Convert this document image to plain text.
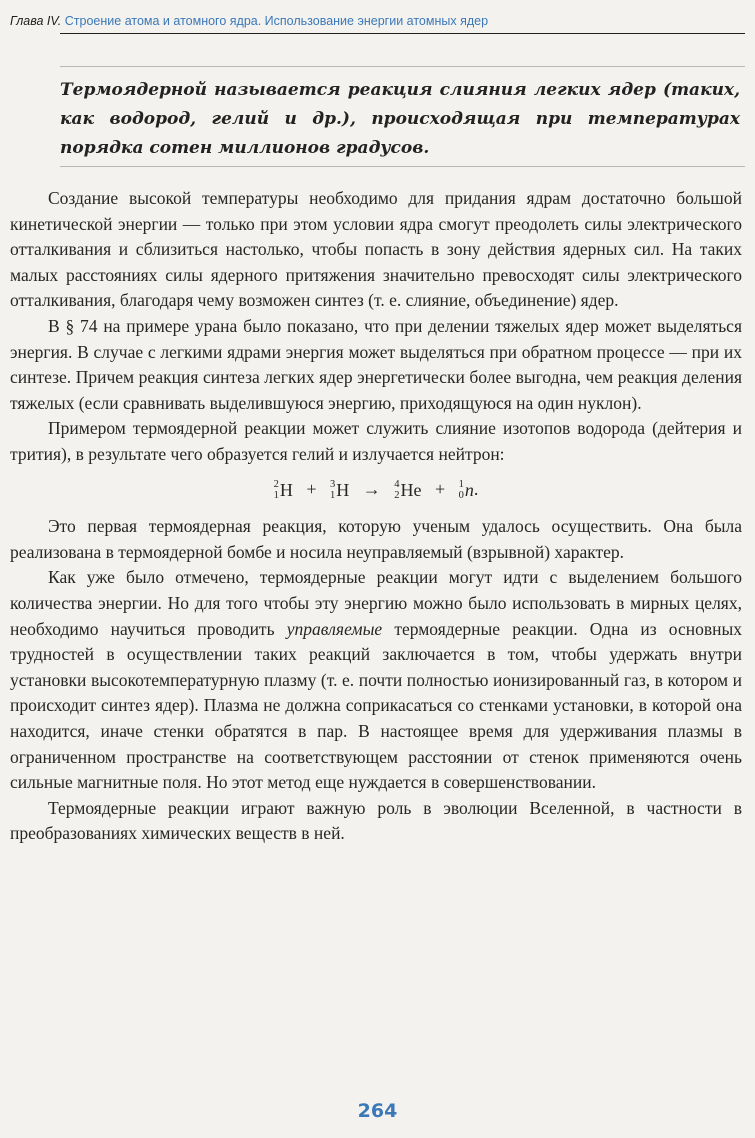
Глава IV. Строение атома и атомного ядра. Использование энергии атомных ядер
Термоядерной называется реакция слияния легких ядер (таких, как водород, гелий и др.), происходящая при температурах порядка сотен миллионов градусов.

Создание высокой температуры необходимо для придания ядрам достаточно большой кинетической энергии — только при этом условии ядра смогут преодолеть силы электрического отталкивания и сблизиться настолько, чтобы попасть в зону действия ядерных сил. На таких малых расстояниях силы ядерного притяжения значительно превосходят силы электрического отталкивания, благодаря чему возможен синтез (т. е. слияние, объединение) ядер.

В § 74 на примере урана было показано, что при делении тяжелых ядер может выделяться энергия. В случае с легкими ядрами энергия может выделяться при обратном процессе — при их синтезе. Причем реакция синтеза легких ядер энергетически более выгодна, чем реакция деления тяжелых (если сравнивать выделившуюся энергию, приходящуюся на один нуклон).

Примером термоядерной реакции может служить слияние изотопов водорода (дейтерия и трития), в результате чего образуется гелий и излучается нейтрон:

2
1 H + 3
1 H → 4
2 He + 1
0 n .

Это первая термоядерная реакция, которую ученым удалось осуществить. Она была реализована в термоядерной бомбе и носила неуправляемый (взрывной) характер.

Как уже было отмечено, термоядерные реакции могут идти с выделением большого количества энергии. Но для того чтобы эту энергию можно было использовать в мирных целях, необходимо научиться проводить управляемые термоядерные реакции. Одна из основных трудностей в осуществлении таких реакций заключается в том, чтобы удержать внутри установки высокотемпературную плазму (т. е. почти полностью ионизированный газ, в котором и происходит синтез ядер). Плазма не должна соприкасаться со стенками установки, в которой она находится, иначе стенки обратятся в пар. В настоящее время для удерживания плазмы в ограниченном пространстве на соответствующем расстоянии от стенок применяются очень сильные магнитные поля. Но этот метод еще нуждается в совершенствовании.

Термоядерные реакции играют важную роль в эволюции Вселенной, в частности в преобразованиях химических веществ в ней.

264
